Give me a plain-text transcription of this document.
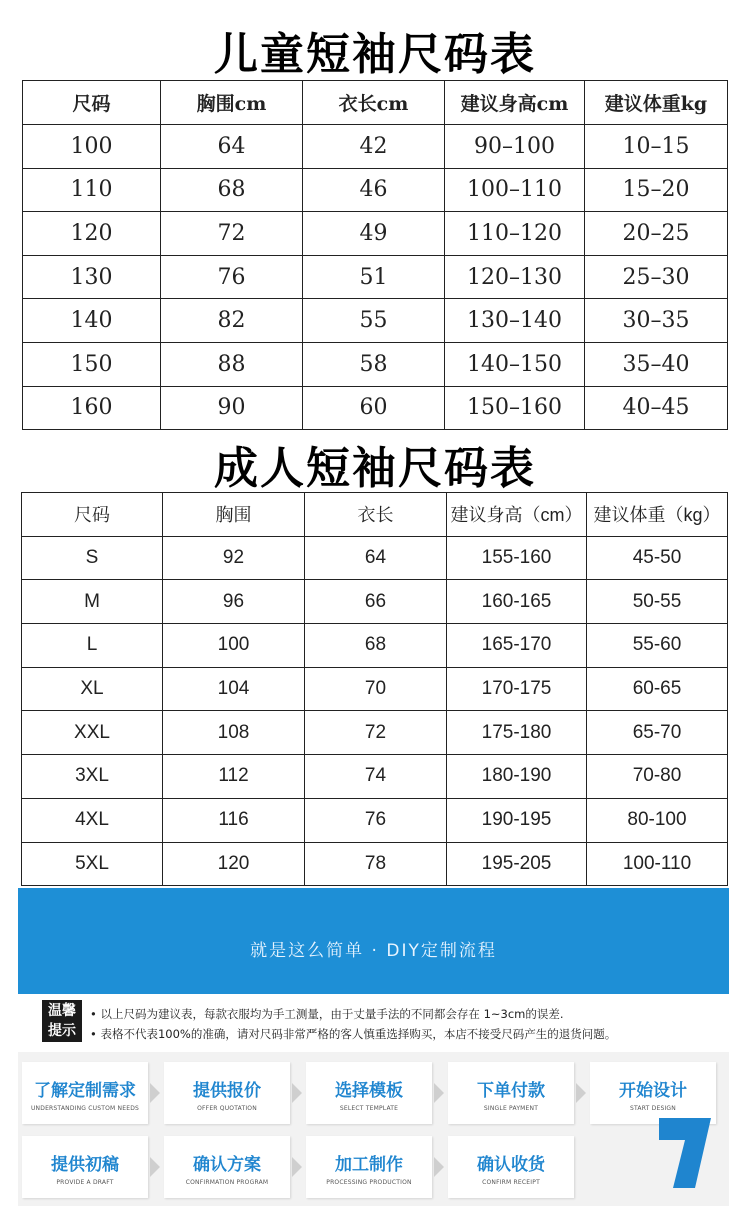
儿童短袖尺码表
尺码	胸围cm	衣长cm	建议身高cm	建议体重kg
100	64	42	90–100	10–15
110	68	46	100–110	15–20
120	72	49	110–120	20–25
130	76	51	120–130	25–30
140	82	55	130–140	30–35
150	88	58	140–150	35–40
160	90	60	150–160	40–45
成人短袖尺码表
尺码	胸围	衣长	建议身高（cm）	建议体重（kg）
S	92	64	155-160	45-50
M	96	66	160-165	50-55
L	100	68	165-170	55-60
XL	104	70	170-175	60-65
XXL	108	72	175-180	65-70
3XL	112	74	180-190	70-80
4XL	116	76	190-195	80-100
5XL	120	78	195-205	100-110
就是这么简单 · DIY定制流程
温馨
提示
• 以上尺码为建议表，每款衣服均为手工测量，由于丈量手法的不同都会存在 1~3cm的误差.
• 表格不代表100%的准确，请对尺码非常严格的客人慎重选择购买，本店不接受尺码产生的退货问题。
了解定制需求
UNDERSTANDING CUSTOM NEEDS
提供报价
OFFER QUOTATION
选择模板
SELECT TEMPLATE
下单付款
SINGLE PAYMENT
开始设计
START DESIGN
提供初稿
PROVIDE A DRAFT
确认方案
CONFIRMATION PROGRAM
加工制作
PROCESSING PRODUCTION
确认收货
CONFIRM RECEIPT
